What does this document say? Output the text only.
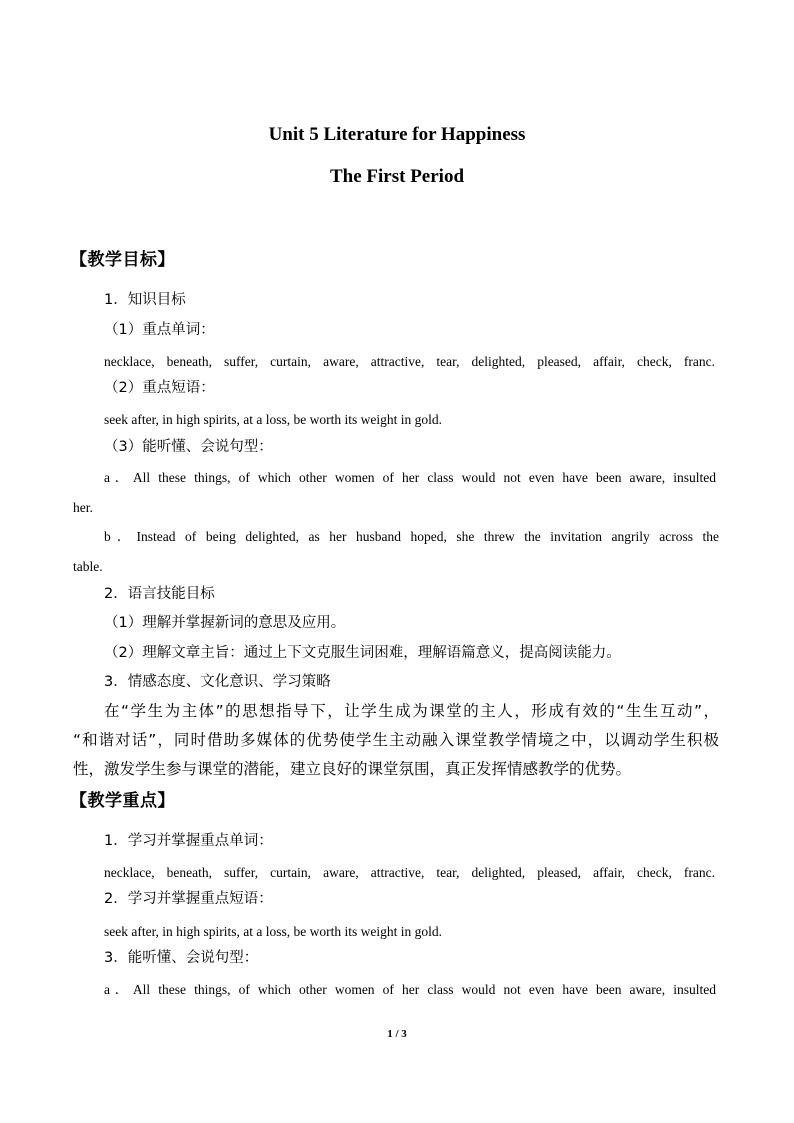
Unit 5 Literature for Happiness
The First Period
【教学目标】
1．知识目标
（1）重点单词：
necklace, beneath, suffer, curtain, aware, attractive, tear, delighted, pleased, affair, check, franc.
（2）重点短语：
seek after, in high spirits, at a loss, be worth its weight in gold.
（3）能听懂、会说句型：
a．All these things, of which other women of her class would not even have been aware, insulted
her.
b．Instead of being delighted, as her husband hoped, she threw the invitation angrily across the
table.
2．语言技能目标
（1）理解并掌握新词的意思及应用。
（2）理解文章主旨：通过上下文克服生词困难，理解语篇意义，提高阅读能力。
3．情感态度、文化意识、学习策略
在“学生为主体”的思想指导下，让学生成为课堂的主人，形成有效的“生生互动”，
“和谐对话”，同时借助多媒体的优势使学生主动融入课堂教学情境之中，以调动学生积极
性，激发学生参与课堂的潜能，建立良好的课堂氛围，真正发挥情感教学的优势。
【教学重点】
1．学习并掌握重点单词：
necklace, beneath, suffer, curtain, aware, attractive, tear, delighted, pleased, affair, check, franc.
2．学习并掌握重点短语：
seek after, in high spirits, at a loss, be worth its weight in gold.
3．能听懂、会说句型：
a．All these things, of which other women of her class would not even have been aware, insulted
1 / 3
